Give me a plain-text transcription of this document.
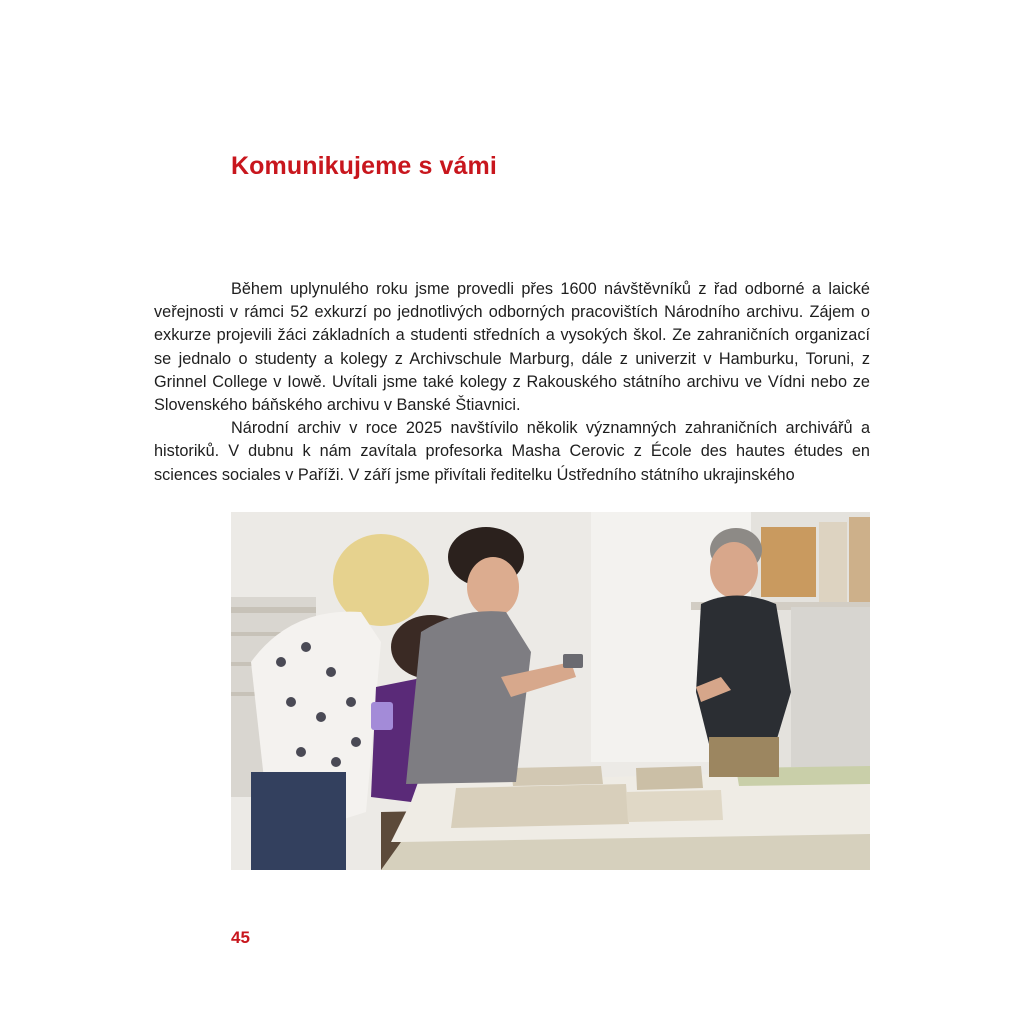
Komunikujeme s vámi

Během uplynulého roku jsme provedli přes 1600 návštěvníků z řad odborné a laické veřejnosti v rámci 52 exkurzí po jednotlivých odborných pracovištích Národního archivu. Zájem o exkurze projevili žáci základních a studenti středních a vysokých škol. Ze zahraničních organizací se jednalo o studenty a kolegy z Archivschule Marburg, dále z univerzit v Hamburku, Toruni, z Grinnel College v Iowě. Uvítali jsme také kolegy z Rakouského státního archivu ve Vídni nebo ze Slovenského báňského archivu v Banské Štiavnici.

Národní archiv v roce 2025 navštívilo několik významných zahraničních archivářů a historiků. V dubnu k nám zavítala profesorka Masha Cerovic z École des hautes études en sciences sociales v Paříži. V září jsme přivítali ředitelku Ústředního státního ukrajinského

45
